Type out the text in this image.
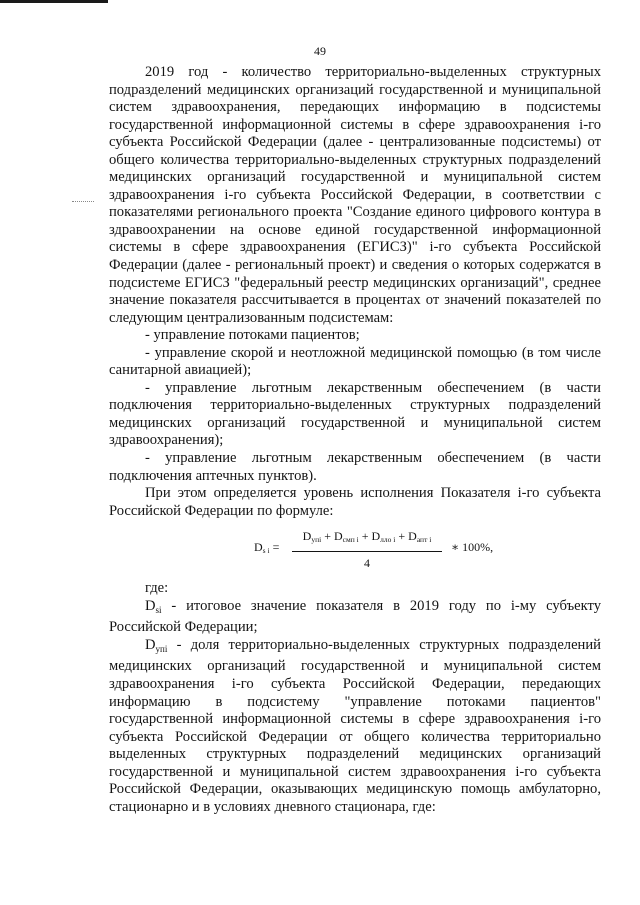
49

2019 год - количество территориально-выделенных структурных подразделений медицинских организаций государственной и муниципальной систем здравоохранения, передающих информацию в подсистемы государственной информационной системы в сфере здравоохранения i-го субъекта Российской Федерации (далее - централизованные подсистемы) от общего количества территориально-выделенных структурных подразделений медицинских организаций государственной и муниципальной систем здравоохранения i-го субъекта Российской Федерации, в соответствии с показателями регионального проекта "Создание единого цифрового контура в здравоохранении на основе единой государственной информационной системы в сфере здравоохранения (ЕГИСЗ)" i-го субъекта Российской Федерации (далее - региональный проект) и сведения о которых содержатся в подсистеме ЕГИСЗ "федеральный реестр медицинских организаций", среднее значение показателя рассчитывается в процентах от значений показателей по следующим централизованным подсистемам:

- управление потоками пациентов;

- управление скорой и неотложной медицинской помощью (в том числе санитарной авиацией);

- управление льготным лекарственным обеспечением (в части подключения территориально-выделенных структурных подразделений медицинских организаций государственной и муниципальной систем здравоохранения);

- управление льготным лекарственным обеспечением (в части подключения аптечных пунктов).

При этом определяется уровень исполнения Показателя i-го субъекта Российской Федерации по формуле:

$D_{s i}$ =
$D_{упi} + D_{смп i} + D_{лло i} + D_{апт i}$
4
∗ 100%,

где:

$D_{si}$ - итоговое значение показателя в 2019 году по i-му субъекту Российской Федерации;

$D_{упi}$ - доля территориально-выделенных структурных подразделений медицинских организаций государственной и муниципальной систем здравоохранения i-го субъекта Российской Федерации, передающих информацию в подсистему "управление потоками пациентов" государственной информационной системы в сфере здравоохранения i-го субъекта Российской Федерации от общего количества территориально выделенных структурных подразделений медицинских организаций государственной и муниципальной систем здравоохранения i-го субъекта Российской Федерации, оказывающих медицинскую помощь амбулаторно, стационарно и в условиях дневного стационара, где:
